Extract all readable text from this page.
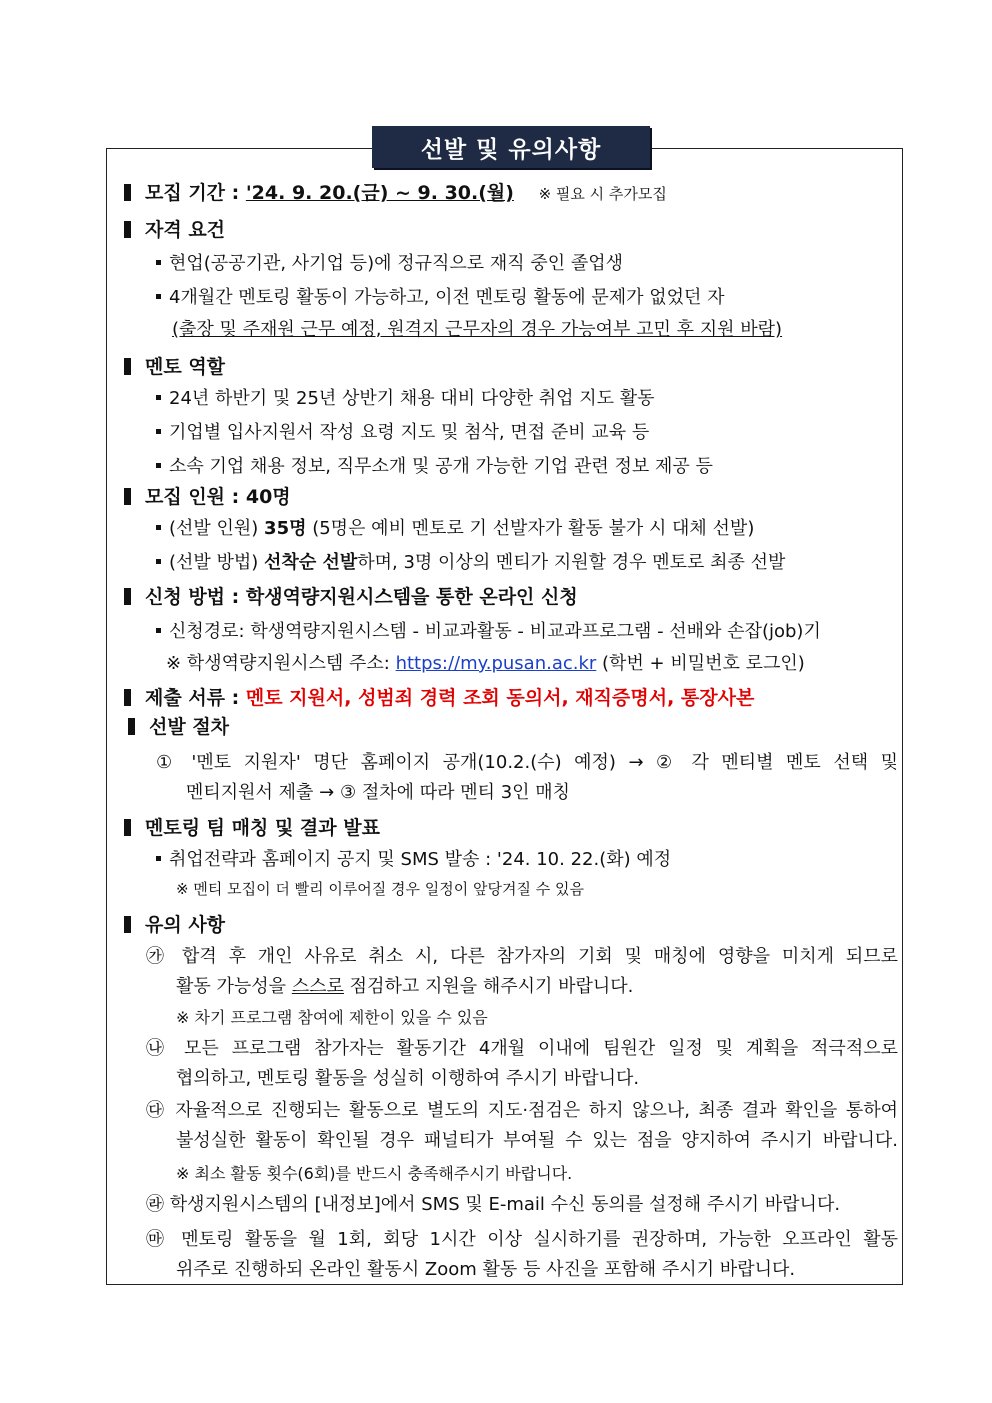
선발 및 유의사항
모집 기간 : '24. 9. 20.(금) ~ 9. 30.(월) ※ 필요 시 추가모집
자격 요건
현업(공공기관, 사기업 등)에 정규직으로 재직 중인 졸업생
4개월간 멘토링 활동이 가능하고, 이전 멘토링 활동에 문제가 없었던 자
(출장 및 주재원 근무 예정, 원격지 근무자의 경우 가능여부 고민 후 지원 바람)
멘토 역할
24년 하반기 및 25년 상반기 채용 대비 다양한 취업 지도 활동
기업별 입사지원서 작성 요령 지도 및 첨삭, 면접 준비 교육 등
소속 기업 채용 정보, 직무소개 및 공개 가능한 기업 관련 정보 제공 등
모집 인원 : 40명
(선발 인원) 35명 (5명은 예비 멘토로 기 선발자가 활동 불가 시 대체 선발)
(선발 방법) 선착순 선발하며, 3명 이상의 멘티가 지원할 경우 멘토로 최종 선발
신청 방법 : 학생역량지원시스템을 통한 온라인 신청
신청경로: 학생역량지원시스템 - 비교과활동 - 비교과프로그램 - 선배와 손잡(job)기
※ 학생역량지원시스템 주소: https://my.pusan.ac.kr (학번 + 비밀번호 로그인)
제출 서류 : 멘토 지원서, 성범죄 경력 조회 동의서, 재직증명서, 통장사본
선발 절차
① '멘토 지원자' 명단 홈페이지 공개(10.2.(수) 예정) → ② 각 멘티별 멘토 선택 및
멘티지원서 제출 → ③ 절차에 따라 멘티 3인 매칭
멘토링 팀 매칭 및 결과 발표
취업전략과 홈페이지 공지 및 SMS 발송 : '24. 10. 22.(화) 예정
※ 멘티 모집이 더 빨리 이루어질 경우 일정이 앞당겨질 수 있음
유의 사항
㉮ 합격 후 개인 사유로 취소 시, 다른 참가자의 기회 및 매칭에 영향을 미치게 되므로
활동 가능성을 스스로 점검하고 지원을 해주시기 바랍니다.
※ 차기 프로그램 참여에 제한이 있을 수 있음
㉯ 모든 프로그램 참가자는 활동기간 4개월 이내에 팀원간 일정 및 계획을 적극적으로
협의하고, 멘토링 활동을 성실히 이행하여 주시기 바랍니다.
㉰ 자율적으로 진행되는 활동으로 별도의 지도·점검은 하지 않으나, 최종 결과 확인을 통하여
불성실한 활동이 확인될 경우 패널티가 부여될 수 있는 점을 양지하여 주시기 바랍니다.
※ 최소 활동 횟수(6회)를 반드시 충족해주시기 바랍니다.
㉱ 학생지원시스템의 [내정보]에서 SMS 및 E-mail 수신 동의를 설정해 주시기 바랍니다.
㉲ 멘토링 활동을 월 1회, 회당 1시간 이상 실시하기를 권장하며, 가능한 오프라인 활동
위주로 진행하되 온라인 활동시 Zoom 활동 등 사진을 포함해 주시기 바랍니다.
